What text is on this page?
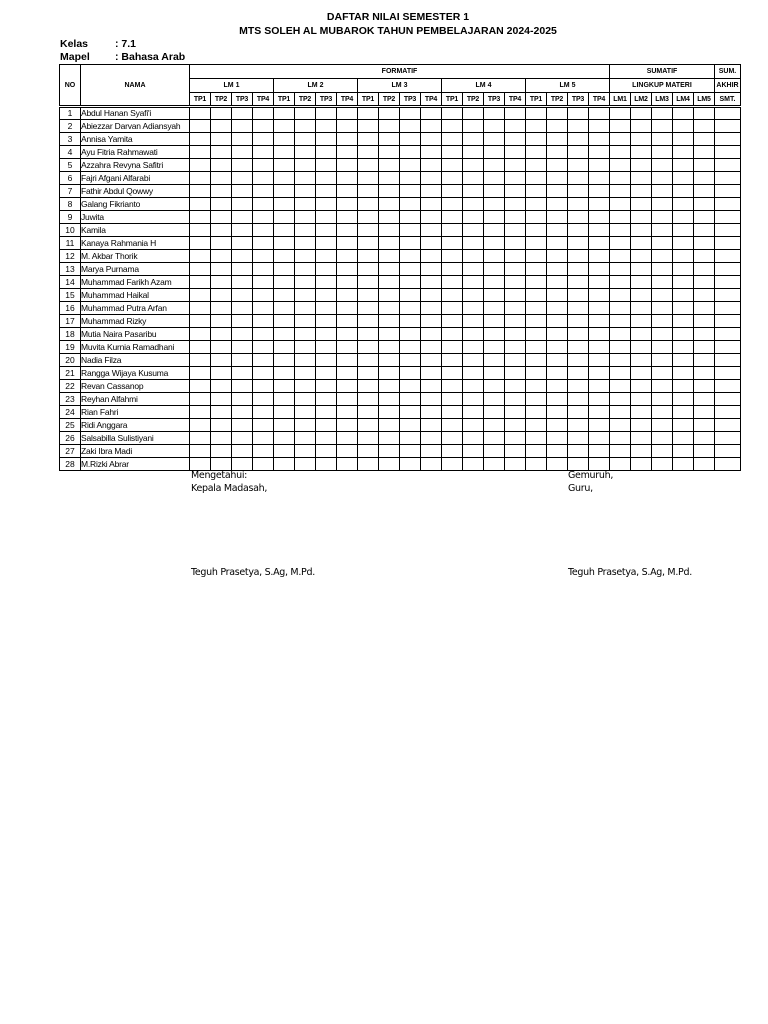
DAFTAR NILAI SEMESTER 1
MTS SOLEH AL MUBAROK TAHUN PEMBELAJARAN 2024-2025
Kelas	: 7.1
Mapel : Bahasa Arab
NO	NAMA	FORMATIF																				SUMATIF					SUM.
		LM 1				LM 2				LM 3				LM 4				LM 5				LINGKUP MATERI					AKHIR
		TP1	TP2	TP3	TP4	TP1	TP2	TP3	TP4	TP1	TP2	TP3	TP4	TP1	TP2	TP3	TP4	TP1	TP2	TP3	TP4	LM1	LM2	LM3	LM4	LM5	SMT.
1	Abdul Hanan Syafi'i																										
2	Abiezzar Darvan Adiansyah																										
3	Annisa Yamita																										
4	Ayu Fitria Rahmawati																										
5	Azzahra Revyna Safitri																										
6	Fajri Afgani Alfarabi																										
7	Fathir Abdul Qowwy																										
8	Galang Fikrianto																										
9	Juwita																										
10	Kamila																										
11	Kanaya Rahmania H																										
12	M. Akbar Thorik																										
13	Marya Purnama																										
14	Muhammad Farikh Azam																										
15	Muhammad Haikal																										
16	Muhammad Putra Arfan																										
17	Muhammad Rizky																										
18	Mutia Naira Pasaribu																										
19	Muvita Kurnia Ramadhani																										
20	Nadia Filza																										
21	Rangga Wijaya Kusuma																										
22	Revan Cassanop																										
23	Reyhan Alfahmi																										
24	Rian Fahri																										
25	Ridi Anggara																										
26	Salsabilla Sulistiyani																										
27	Zaki Ibra Madi																										
28	M.Rizki Abrar																										
Mengetahui:
Kepala Madasah,
Teguh Prasetya, S.Ag, M.Pd.
Gemuruh,
Guru,
Teguh Prasetya, S.Ag, M.Pd.
